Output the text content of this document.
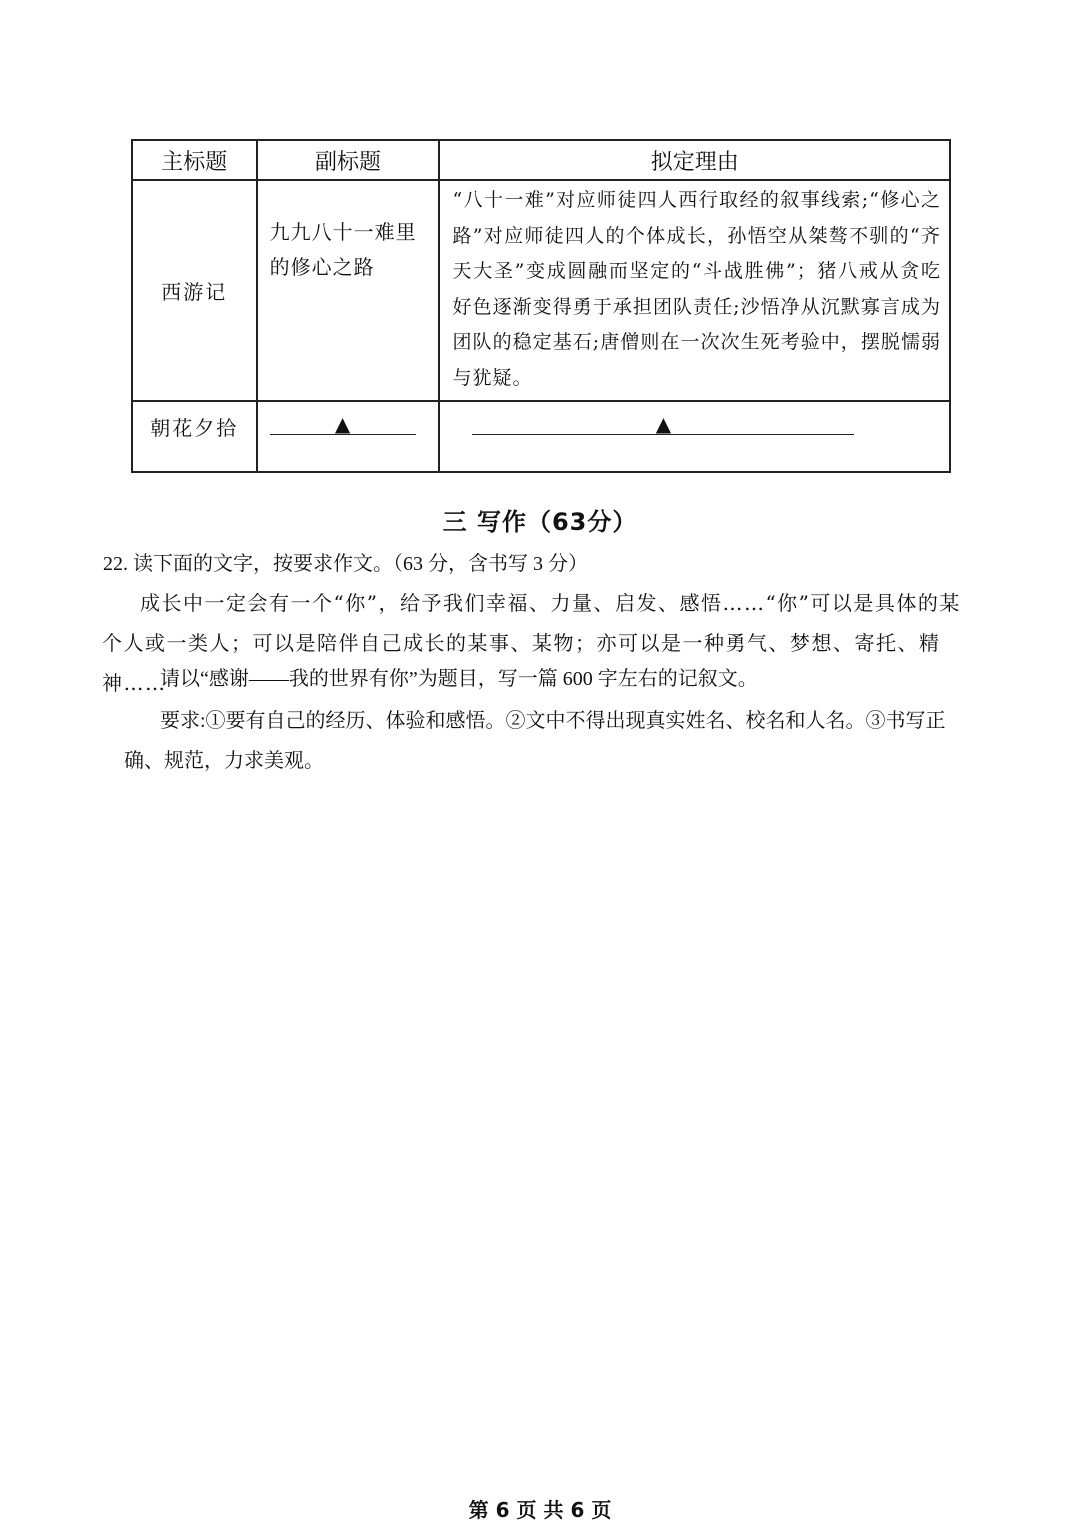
主标题	副标题	拟定理由
西游记	九九八十一难里的修心之路	“八十一难”对应师徒四人西行取经的叙事线索;“修心之路”对应师徒四人的个体成长，孙悟空从桀骜不驯的“齐天大圣”变成圆融而坚定的“斗战胜佛”；猪八戒从贪吃好色逐渐变得勇于承担团队责任;沙悟净从沉默寡言成为团队的稳定基石;唐僧则在一次次生死考验中，摆脱懦弱与犹疑。
朝花夕拾	▲	▲
三 写作（63分）
22. 读下面的文字，按要求作文。（63 分，含书写 3 分）
成长中一定会有一个“你”，给予我们幸福、力量、启发、感悟……“你”可以是具体的某个人或一类人；可以是陪伴自己成长的某事、某物；亦可以是一种勇气、梦想、寄托、精神……
请以“感谢——我的世界有你”为题目，写一篇 600 字左右的记叙文。
要求:①要有自己的经历、体验和感悟。②文中不得出现真实姓名、校名和人名。③书写正确、规范，力求美观。
第 6 页 共 6 页
